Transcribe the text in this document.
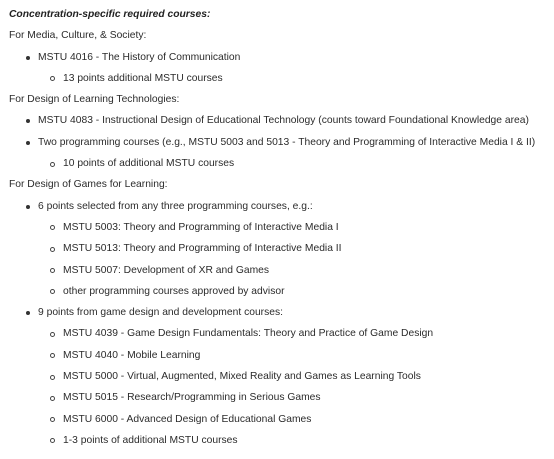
Concentration-specific required courses:
For Media, Culture, & Society:
MSTU 4016 - The History of Communication
13 points additional MSTU courses
For Design of Learning Technologies:
MSTU 4083 - Instructional Design of Educational Technology (counts toward Foundational Knowledge area)
Two programming courses (e.g., MSTU 5003 and 5013 - Theory and Programming of Interactive Media I & II)
10 points of additional MSTU courses
For Design of Games for Learning:
6 points selected from any three programming courses, e.g.:
MSTU 5003: Theory and Programming of Interactive Media I
MSTU 5013: Theory and Programming of Interactive Media II
MSTU 5007: Development of XR and Games
other programming courses approved by advisor
9 points from game design and development courses:
MSTU 4039 - Game Design Fundamentals: Theory and Practice of Game Design
MSTU 4040 - Mobile Learning
MSTU 5000 - Virtual, Augmented, Mixed Reality and Games as Learning Tools
MSTU 5015 - Research/Programming in Serious Games
MSTU 6000 - Advanced Design of Educational Games
1-3 points of additional MSTU courses
